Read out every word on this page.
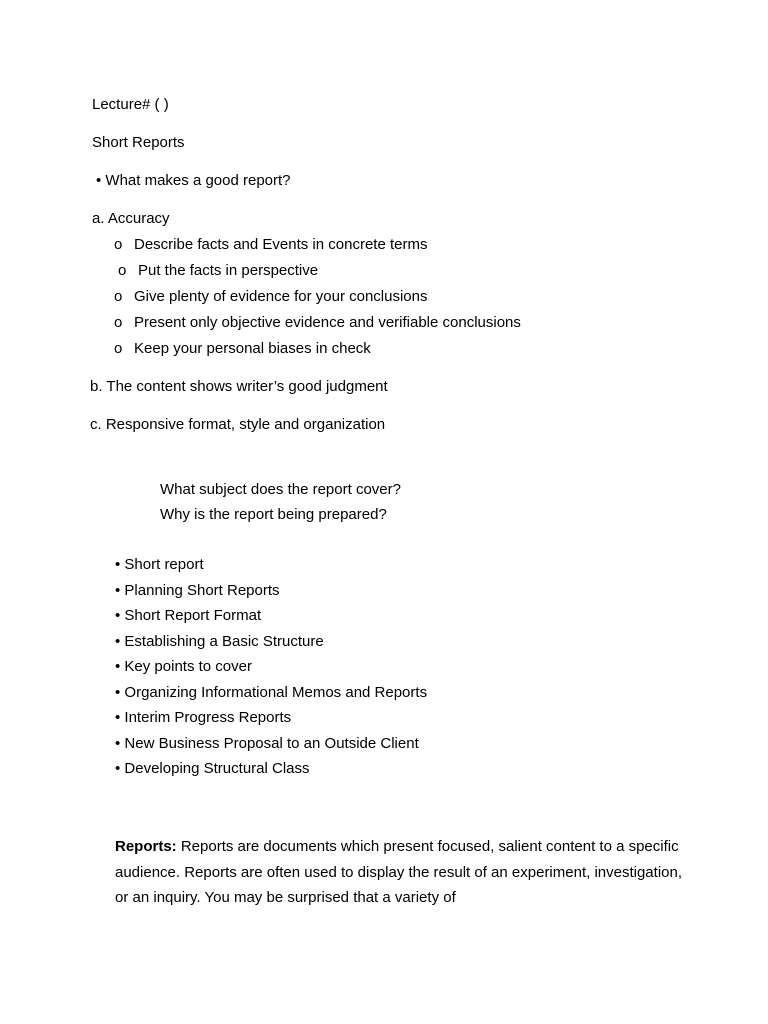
Lecture# ( )
Short Reports
• What makes a good report?
a. Accuracy
o Describe facts and Events in concrete terms
o Put the facts in perspective
o Give plenty of evidence for your conclusions
o Present only objective evidence and verifiable conclusions
o Keep your personal biases in check
b. The content shows writer’s good judgment
c. Responsive format, style and organization
What subject does the report cover?
Why is the report being prepared?
• Short report
• Planning Short Reports
• Short Report Format
• Establishing a Basic Structure
• Key points to cover
• Organizing Informational Memos and Reports
• Interim Progress Reports
• New Business Proposal to an Outside Client
• Developing Structural Class
Reports: Reports are documents which present focused, salient content to a specific audience. Reports are often used to display the result of an experiment, investigation, or an inquiry. You may be surprised that a variety of
